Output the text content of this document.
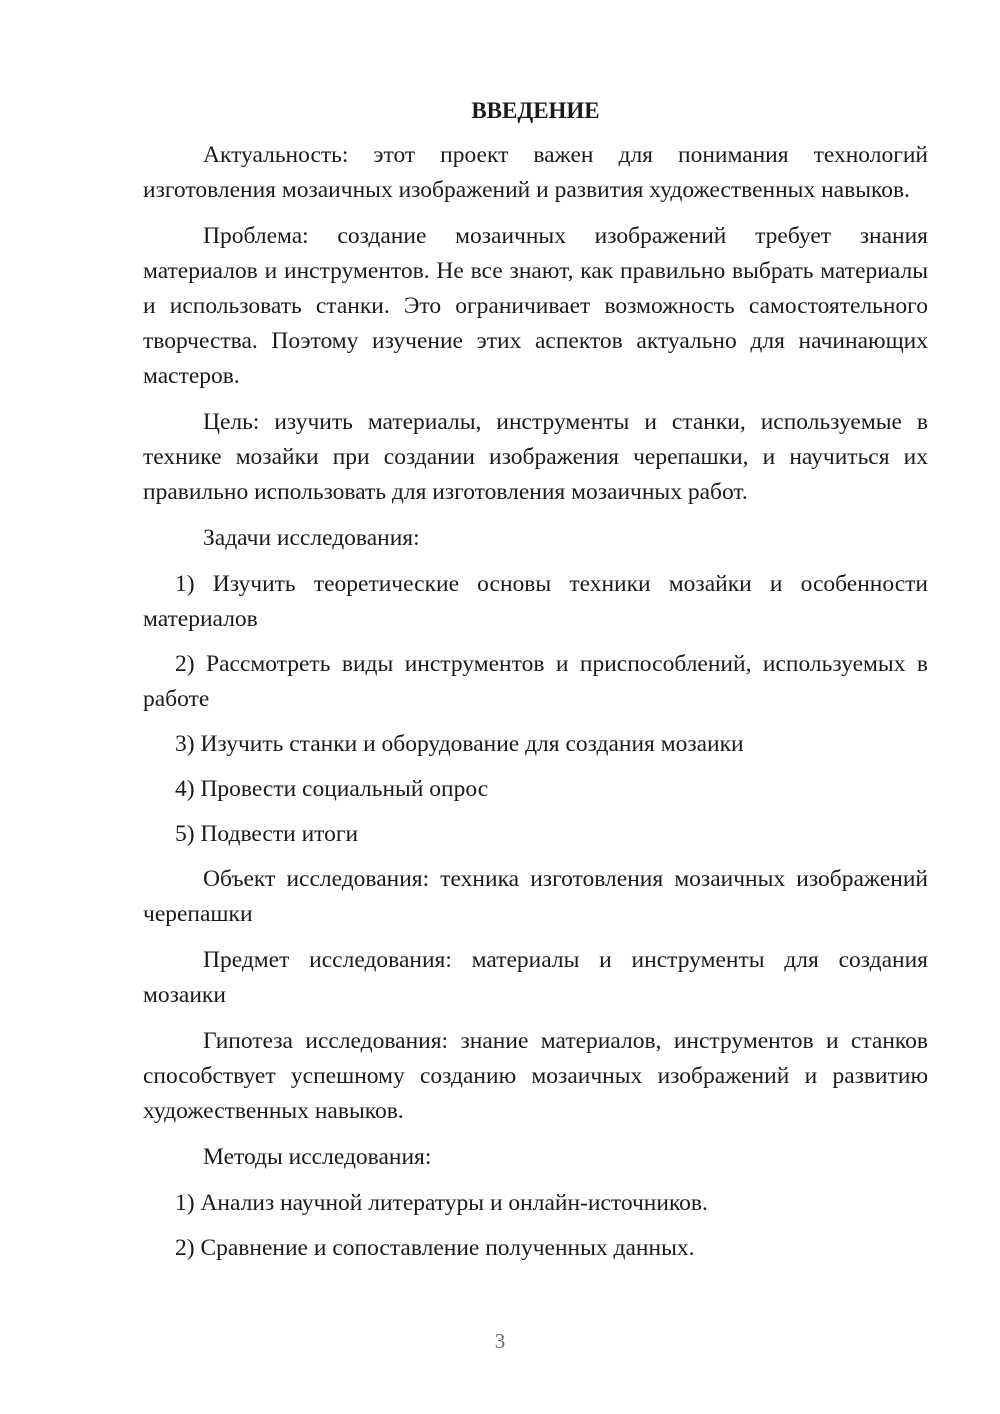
ВВЕДЕНИЕ

Актуальность: этот проект важен для понимания технологий изготовления мозаичных изображений и развития художественных навыков.

Проблема: создание мозаичных изображений требует знания материалов и инструментов. Не все знают, как правильно выбрать материалы и использовать станки. Это ограничивает возможность самостоятельного творчества. Поэтому изучение этих аспектов актуально для начинающих мастеров.

Цель: изучить материалы, инструменты и станки, используемые в технике мозайки при создании изображения черепашки, и научиться их правильно использовать для изготовления мозаичных работ.

Задачи исследования:

1) Изучить теоретические основы техники мозайки и особенности материалов

2) Рассмотреть виды инструментов и приспособлений, используемых в работе

3) Изучить станки и оборудование для создания мозаики

4) Провести социальный опрос

5) Подвести итоги

Объект исследования: техника изготовления мозаичных изображений черепашки

Предмет исследования: материалы и инструменты для создания мозаики

Гипотеза исследования: знание материалов, инструментов и станков способствует успешному созданию мозаичных изображений и развитию художественных навыков.

Методы исследования:

1) Анализ научной литературы и онлайн-источников.

2) Сравнение и сопоставление полученных данных.

3
